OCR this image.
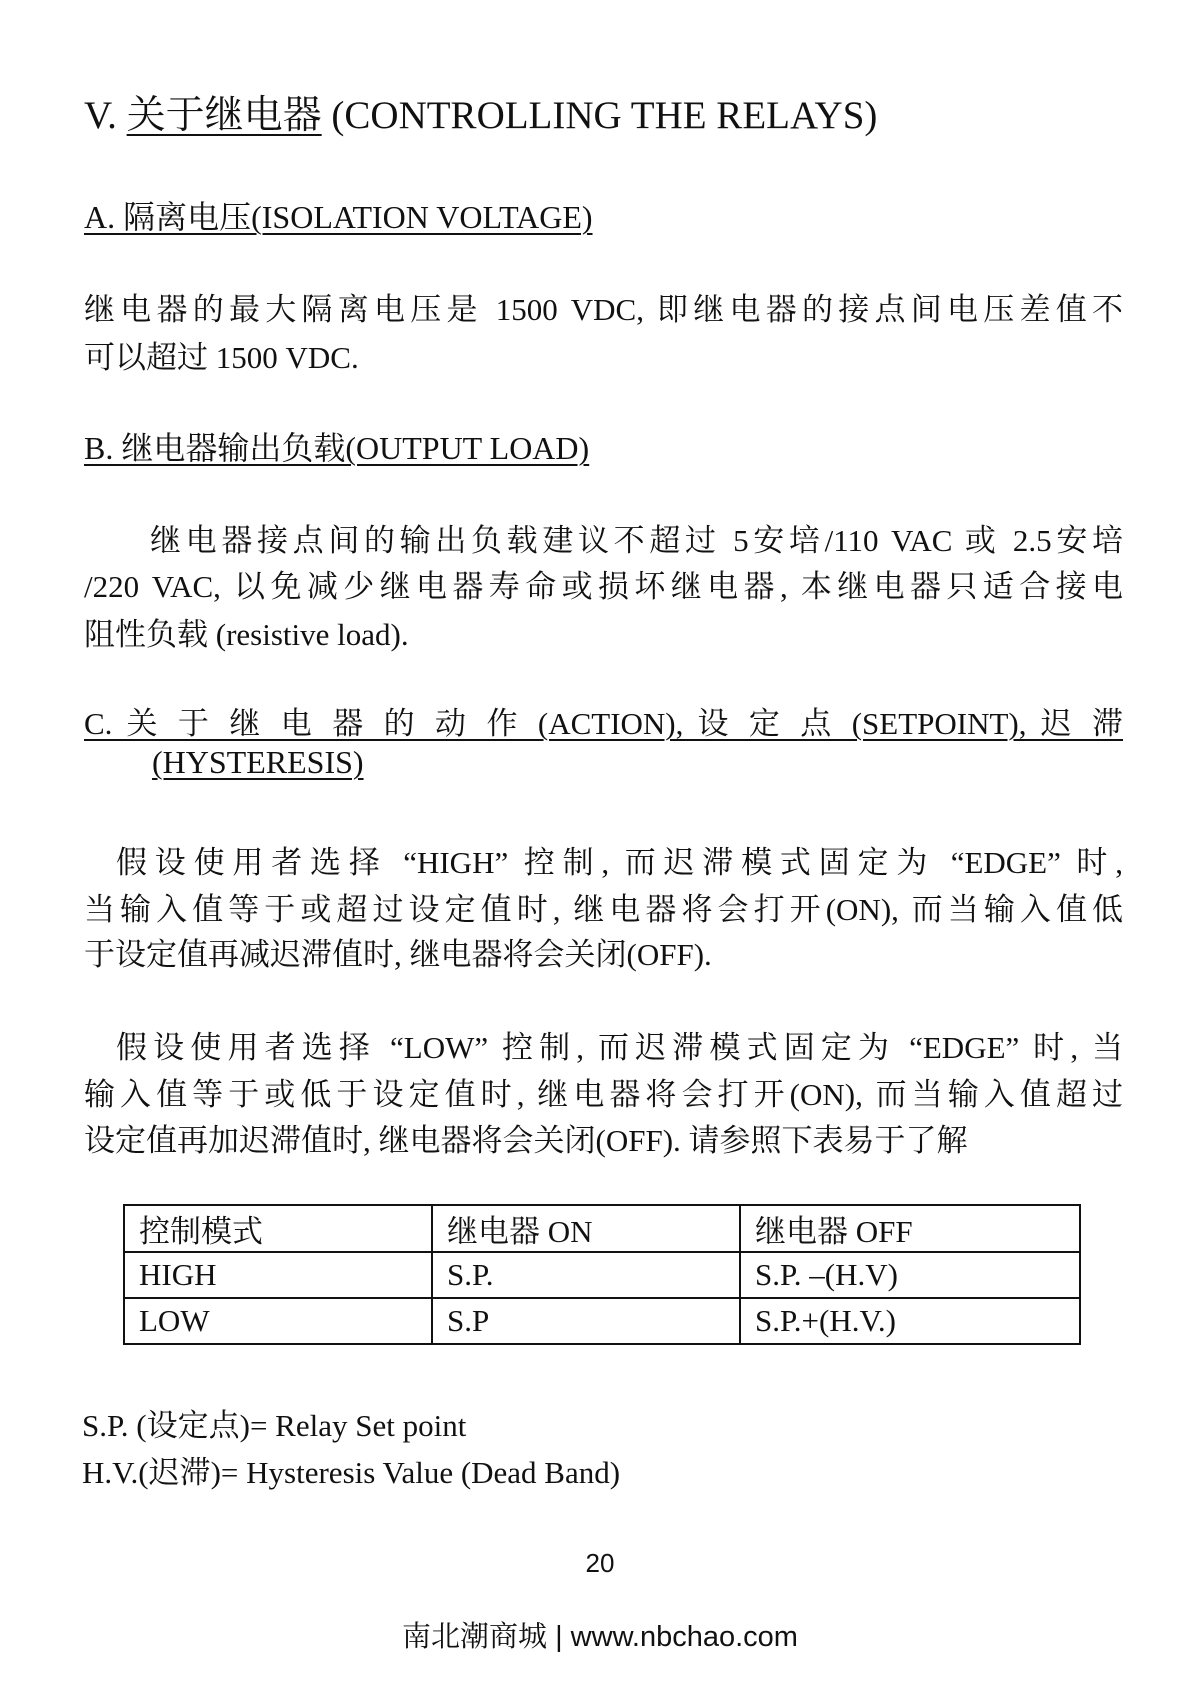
V. 关于继电器 (CONTROLLING THE RELAYS)
A. 隔离电压(ISOLATION VOLTAGE)
继电器的最大隔离电压是 1500 VDC, 即继电器的接点间电压差值不
可以超过 1500 VDC.
B. 继电器输出负载(OUTPUT LOAD)
继电器接点间的输出负载建议不超过 5安培/110 VAC 或 2.5安培
/220 VAC, 以免减少继电器寿命或损坏继电器, 本继电器只适合接电
阻性负载 (resistive load).
C. 关 于 继 电 器 的 动 作 (ACTION), 设 定 点 (SETPOINT), 迟 滞
(HYSTERESIS)
假设使用者选择 “HIGH” 控制, 而迟滞模式固定为 “EDGE” 时,
当输入值等于或超过设定值时, 继电器将会打开(ON), 而当输入值低
于设定值再减迟滞值时, 继电器将会关闭(OFF).
假设使用者选择 “LOW” 控制, 而迟滞模式固定为 “EDGE” 时, 当
输入值等于或低于设定值时, 继电器将会打开(ON), 而当输入值超过
设定值再加迟滞值时, 继电器将会关闭(OFF). 请参照下表易于了解
控制模式	继电器 ON	继电器 OFF
HIGH	S.P.	S.P. –(H.V)
LOW	S.P	S.P.+(H.V.)
S.P. (设定点)= Relay Set point
H.V.(迟滞)= Hysteresis Value (Dead Band)
20
南北潮商城 | www.nbchao.com
